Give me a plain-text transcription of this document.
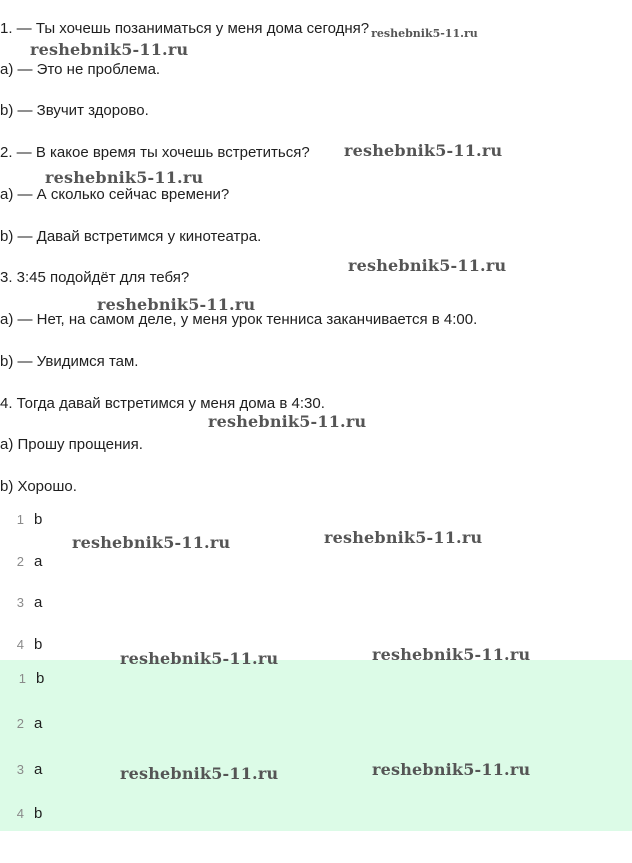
1. — Ты хочешь позаниматься у меня дома сегодня? $_{reshebnik5-11.ru}$
reshebnik5-11.ru
a) — Это не проблема.
b) — Звучит здорово.
2. — В какое время ты хочешь встретиться? reshebnik5-11.ru
reshebnik5-11.ru
a) — А сколько сейчас времени?
b) — Давай встретимся у кинотеатра.
reshebnik5-11.ru
3. 3:45 подойдёт для тебя?
reshebnik5-11.ru
a) — Нет, на самом деле, у меня урок тенниса заканчивается в 4:00.
b) — Увидимся там.
4. Тогда давай встретимся у меня дома в 4:30.
reshebnik5-11.ru
a) Прошу прощения.
b) Хорошо.
1 b
reshebnik5-11.ru	reshebnik5-11.ru
2 a
3 a
4 b
reshebnik5-11.ru	reshebnik5-11.ru
1 b
2 a
3 a	reshebnik5-11.ru	reshebnik5-11.ru
4 b
